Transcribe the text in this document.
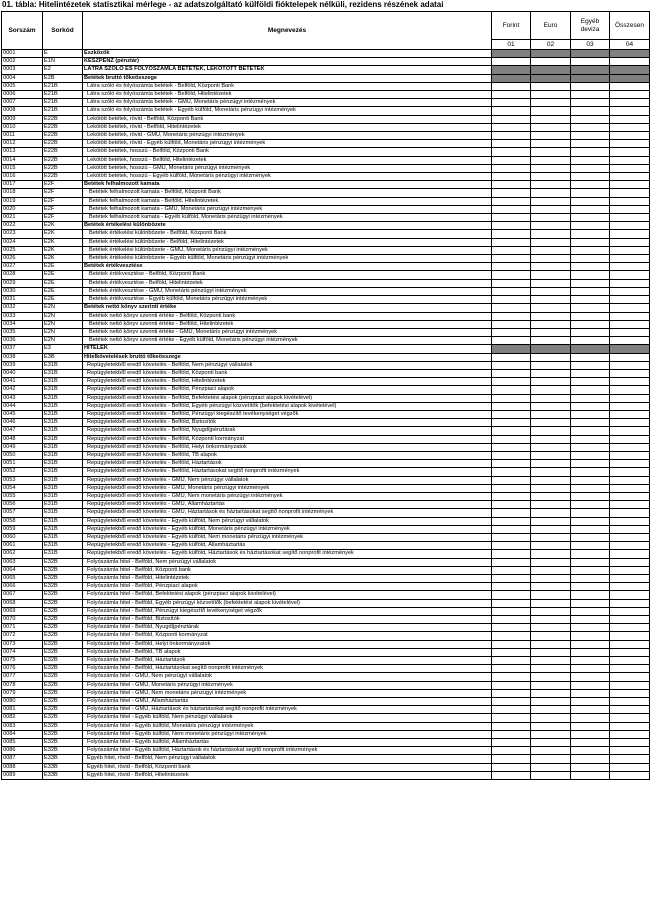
01. tábla: Hitelintézetek statisztikai mérlege - az adatszolgáltató külföldi fióktelepek nélküli, rezidens részének adatai
Sorszám	Sorkód	Megnevezés	Forint	Euro	Egyéb deviza	Összesen
			01	02	03	04
0001	E	Eszközök				
0002	E1N	KÉSZPÉNZ (pénztár)				
0003	E2	LÁTRA SZÓLÓ ÉS FOLYÓSZÁMLA BETÉTEK, LEKÖTÖTT BETÉTEK				
0004	E2B	Betétek bruttó tőkeösszege				
0005	E21B	Látra szóló és folyószámla betétek - Belföld, Központi Bank				
0006	E21B	Látra szóló és folyószámla betétek - Belföld, Hitelintézetek				
0007	E21B	Látra szóló és folyószámla betétek - GMU, Monetáris pénzügyi intézmények				
0008	E21B	Látra szóló és folyószámla betétek - Egyéb külföld, Monetáris pénzügyi intézmények				
0009	E22B	Lekötött betétek, rövid - Belföld, Központi Bank				
0010	E22B	Lekötött betétek, rövid - Belföld, Hitelintézetek				
0011	E22B	Lekötött betétek, rövid - GMU, Monetáris pénzügyi intézmények				
0012	E22B	Lekötött betétek, rövid - Egyéb külföld, Monetáris pénzügyi intézmények				
0013	E22B	Lekötött betétek, hosszú - Belföld, Központi Bank				
0014	E22B	Lekötött betétek, hosszú - Belföld, Hitelintézetek				
0015	E22B	Lekötött betétek, hosszú - GMU, Monetáris pénzügyi intézmények				
0016	E22B	Lekötött betétek, hosszú - Egyéb külföld, Monetáris pénzügyi intézmények				
0017	E2F	Betétek felhalmozott kamata				
0018	E2F	Betétek felhalmozott kamata - Belföld, Központi Bank				
0019	E2F	Betétek felhalmozott kamata - Belföld, Hitelintézetek				
0020	E2F	Betétek felhalmozott kamata - GMU, Monetáris pénzügyi intézmények				
0021	E2F	Betétek felhalmozott kamata - Egyéb külföld, Monetáris pénzügyi intézmények				
0022	E2K	Betétek értékelési különbözete				
0023	E2K	Betétek értékelési különbözete - Belföld, Központi Bank				
0024	E2K	Betétek értékelési különbözete - Belföld, Hitelintézetek				
0025	E2K	Betétek értékelési különbözete - GMU, Monetáris pénzügyi intézmények				
0026	E2K	Betétek értékelési különbözete - Egyéb külföld, Monetáris pénzügyi intézmények				
0027	E2E	Betétek értékvesztése				
0028	E2E	Betétek értékvesztése - Belföld, Központi Bank				
0029	E2E	Betétek értékvesztése - Belföld, Hitelintézetek				
0030	E2E	Betétek értékvesztése - GMU, Monetáris pénzügyi intézmények				
0031	E2E	Betétek értékvesztése - Egyéb külföld, Monetáris pénzügyi intézmények				
0032	E2N	Betétek nettó könyv szerinti értéke				
0033	E2N	Betétek nettó könyv szerinti értéke - Belföld, Központi bank				
0034	E2N	Betétek nettó könyv szerinti értéke - Belföld, Hitelintézetek				
0035	E2N	Betétek nettó könyv szerinti értéke - GMU, Monetáris pénzügyi intézmények				
0036	E2N	Betétek nettó könyv szerinti értéke - Egyéb külföld, Monetáris pénzügyi intézmények				
0037	E3	HITELEK				
0038	E3B	Hitelkövetelések bruttó tőkeösszege				
0039	E31B	Repügyletekből eredő követelés - Belföld, Nem pénzügyi vállalatok				
0040	E31B	Repügyletekből eredő követelés - Belföld, Központi bank				
0041	E31B	Repügyletekből eredő követelés - Belföld, Hitelintézetek				
0042	E31B	Repügyletekből eredő követelés - Belföld, Pénzpiaci alapok				
0043	E31B	Repügyletekből eredő követelés - Belföld, Befektetési alapok (pénzpiaci alapok kivételével)				
0044	E31B	Repügyletekből eredő követelés - Belföld, Egyéb pénzügyi közvetítők (befektetési alapok kivételével)				
0045	E31B	Repügyletekből eredő követelés - Belföld, Pénzügyi kiegészítő tevékenységet végzők				
0046	E31B	Repügyletekből eredő követelés - Belföld, Biztosítók				
0047	E31B	Repügyletekből eredő követelés - Belföld, Nyugdíjpénztárak				
0048	E31B	Repügyletekből eredő követelés - Belföld, Központi kormányzat				
0049	E31B	Repügyletekből eredő követelés - Belföld, Helyi önkormányzatok				
0050	E31B	Repügyletekből eredő követelés - Belföld, TB alapok				
0051	E31B	Repügyletekből eredő követelés - Belföld, Háztartások				
0052	E31B	Repügyletekből eredő követelés - Belföld, Háztartásokat segítő nonprofit intézmények				
0053	E31B	Repügyletekből eredő követelés - GMU, Nem pénzügyi vállalatok				
0054	E31B	Repügyletekből eredő követelés - GMU, Monetáris pénzügyi intézmények				
0055	E31B	Repügyletekből eredő követelés - GMU, Nem monetáris pénzügyi intézmények				
0056	E31B	Repügyletekből eredő követelés - GMU, Államháztartás				
0057	E31B	Repügyletekből eredő követelés - GMU, Háztartások és háztartásokat segítő nonprofit intézmények				
0058	E31B	Repügyletekből eredő követelés - Egyéb külföld, Nem pénzügyi vállalatok				
0059	E31B	Repügyletekből eredő követelés - Egyéb külföld, Monetáris pénzügyi intézmények				
0060	E31B	Repügyletekből eredő követelés - Egyéb külföld, Nem monetáris pénzügyi intézmények				
0061	E31B	Repügyletekből eredő követelés - Egyéb külföld, Államháztartás				
0062	E31B	Repügyletekből eredő követelés - Egyéb külföld, Háztartások és háztartásokat segítő nonprofit intézmények				
0063	E32B	Folyószámla hitel - Belföld, Nem pénzügyi vállalatok				
0064	E32B	Folyószámla hitel - Belföld, Központi bank				
0065	E32B	Folyószámla hitel - Belföld, Hitelintézetek				
0066	E32B	Folyószámla hitel - Belföld, Pénzpiaci alapok				
0067	E32B	Folyószámla hitel - Belföld, Befektetési alapok (pénzpiaci alapok kivételével)				
0068	E32B	Folyószámla hitel - Belföld, Egyéb pénzügyi közvetítők (befektetési alapok kivételével)				
0069	E32B	Folyószámla hitel - Belföld, Pénzügyi kiegészítő tevékenységet végzők				
0070	E32B	Folyószámla hitel - Belföld, Biztosítók				
0071	E32B	Folyószámla hitel - Belföld, Nyugdíjpénztárak				
0072	E32B	Folyószámla hitel - Belföld, Központi kormányzat				
0073	E32B	Folyószámla hitel - Belföld, Helyi önkormányzatok				
0074	E32B	Folyószámla hitel - Belföld, TB alapok				
0075	E32B	Folyószámla hitel - Belföld, Háztartások				
0076	E32B	Folyószámla hitel - Belföld, Háztartásokat segítő nonprofit intézmények				
0077	E32B	Folyószámla hitel - GMU, Nem pénzügyi vállalatok				
0078	E32B	Folyószámla hitel - GMU, Monetáris pénzügyi intézmények				
0079	E32B	Folyószámla hitel - GMU, Nem monetáris pénzügyi intézmények				
0080	E32B	Folyószámla hitel - GMU, Államháztartás				
0081	E32B	Folyószámla hitel - GMU, Háztartások és háztartásokat segítő nonprofit intézmények				
0082	E32B	Folyószámla hitel - Egyéb külföld, Nem pénzügyi vállalatok				
0083	E32B	Folyószámla hitel - Egyéb külföld, Monetáris pénzügyi intézmények				
0084	E32B	Folyószámla hitel - Egyéb külföld, Nem monetáris pénzügyi intézmények				
0085	E32B	Folyószámla hitel - Egyéb külföld, Államháztartás				
0086	E32B	Folyószámla hitel - Egyéb külföld, Háztartások és háztartásokat segítő nonprofit intézmények				
0087	E33B	Egyéb hitel, rövid - Belföld, Nem pénzügyi vállalatok				
0088	E33B	Egyéb hitel, rövid - Belföld, Központi bank				
0089	E33B	Egyéb hitel, rövid - Belföld, Hitelintézetek				
